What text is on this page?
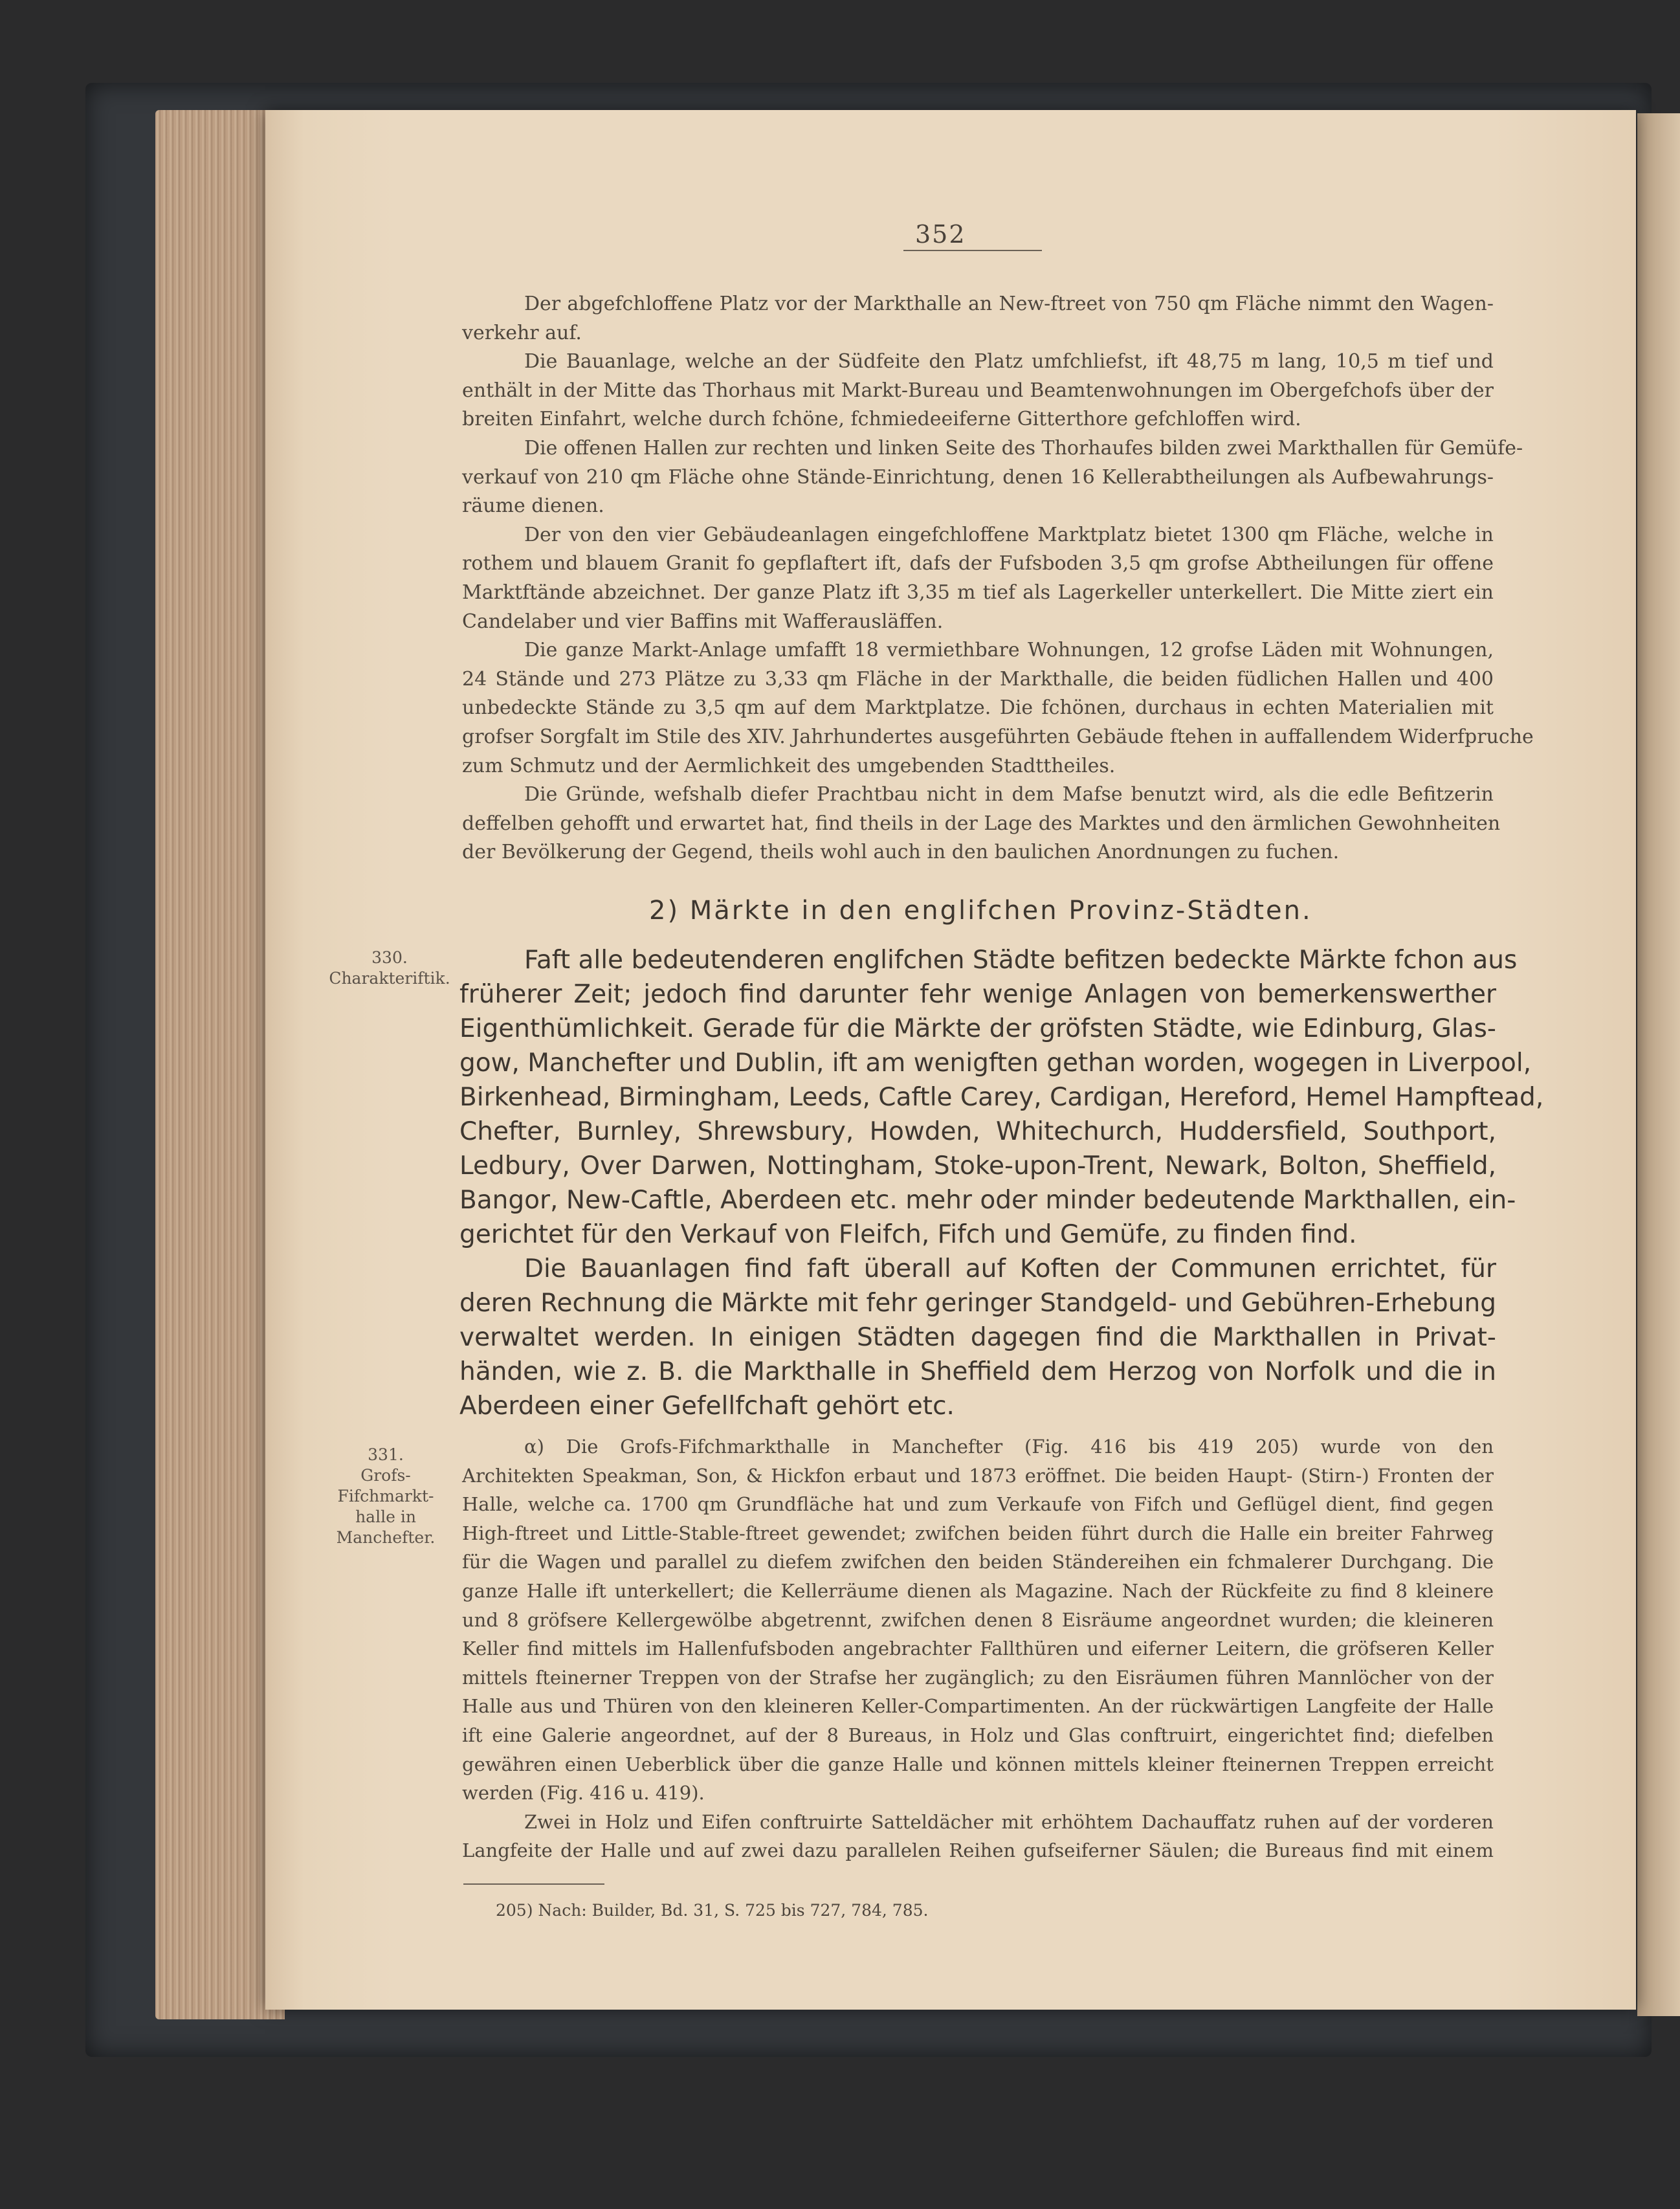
352
Der abgefchloffene Platz vor der Markthalle an New-ftreet von 750 qm Fläche nimmt den Wagen-
verkehr auf.
Die Bauanlage, welche an der Südfeite den Platz umfchliefst, ift 48,75 m lang, 10,5 m tief und
enthält in der Mitte das Thorhaus mit Markt-Bureau und Beamtenwohnungen im Obergefchofs über der
breiten Einfahrt, welche durch fchöne, fchmiedeeiferne Gitterthore gefchloffen wird.
Die offenen Hallen zur rechten und linken Seite des Thorhaufes bilden zwei Markthallen für Gemüfe-
verkauf von 210 qm Fläche ohne Stände-Einrichtung, denen 16 Kellerabtheilungen als Aufbewahrungs-
räume dienen.
Der von den vier Gebäudeanlagen eingefchloffene Marktplatz bietet 1300 qm Fläche, welche in
rothem und blauem Granit fo gepflaftert ift, dafs der Fufsboden 3,5 qm grofse Abtheilungen für offene
Marktftände abzeichnet. Der ganze Platz ift 3,35 m tief als Lagerkeller unterkellert. Die Mitte ziert ein
Candelaber und vier Baffins mit Wafferausläffen.
Die ganze Markt-Anlage umfafft 18 vermiethbare Wohnungen, 12 grofse Läden mit Wohnungen,
24 Stände und 273 Plätze zu 3,33 qm Fläche in der Markthalle, die beiden füdlichen Hallen und 400
unbedeckte Stände zu 3,5 qm auf dem Marktplatze. Die fchönen, durchaus in echten Materialien mit
grofser Sorgfalt im Stile des XIV. Jahrhundertes ausgeführten Gebäude ftehen in auffallendem Widerfpruche
zum Schmutz und der Aermlichkeit des umgebenden Stadttheiles.
Die Gründe, wefshalb diefer Prachtbau nicht in dem Mafse benutzt wird, als die edle Befitzerin
deffelben gehofft und erwartet hat, find theils in der Lage des Marktes und den ärmlichen Gewohnheiten
der Bevölkerung der Gegend, theils wohl auch in den baulichen Anordnungen zu fuchen.
2) Märkte in den englifchen Provinz-Städten.
330.
Charakteriftik.
331.
Grofs-
Fifchmarkt-
halle in
Manchefter.
Faft alle bedeutenderen englifchen Städte befitzen bedeckte Märkte fchon aus
früherer Zeit; jedoch find darunter fehr wenige Anlagen von bemerkenswerther
Eigenthümlichkeit. Gerade für die Märkte der gröfsten Städte, wie Edinburg, Glas-
gow, Manchefter und Dublin, ift am wenigften gethan worden, wogegen in Liverpool,
Birkenhead, Birmingham, Leeds, Caftle Carey, Cardigan, Hereford, Hemel Hampftead,
Chefter, Burnley, Shrewsbury, Howden, Whitechurch, Huddersfield, Southport,
Ledbury, Over Darwen, Nottingham, Stoke-upon-Trent, Newark, Bolton, Sheffield,
Bangor, New-Caftle, Aberdeen etc. mehr oder minder bedeutende Markthallen, ein-
gerichtet für den Verkauf von Fleifch, Fifch und Gemüfe, zu finden find.
Die Bauanlagen find faft überall auf Koften der Communen errichtet, für
deren Rechnung die Märkte mit fehr geringer Standgeld- und Gebühren-Erhebung
verwaltet werden. In einigen Städten dagegen find die Markthallen in Privat-
händen, wie z. B. die Markthalle in Sheffield dem Herzog von Norfolk und die in
Aberdeen einer Gefellfchaft gehört etc.
α) Die Grofs-Fifchmarkthalle in Manchefter (Fig. 416 bis 419 205) wurde von den
Architekten Speakman, Son, & Hickfon erbaut und 1873 eröffnet. Die beiden Haupt- (Stirn-) Fronten der
Halle, welche ca. 1700 qm Grundfläche hat und zum Verkaufe von Fifch und Geflügel dient, find gegen
High-ftreet und Little-Stable-ftreet gewendet; zwifchen beiden führt durch die Halle ein breiter Fahrweg
für die Wagen und parallel zu diefem zwifchen den beiden Ständereihen ein fchmalerer Durchgang. Die
ganze Halle ift unterkellert; die Kellerräume dienen als Magazine. Nach der Rückfeite zu find 8 kleinere
und 8 gröfsere Kellergewölbe abgetrennt, zwifchen denen 8 Eisräume angeordnet wurden; die kleineren
Keller find mittels im Hallenfufsboden angebrachter Fallthüren und eiferner Leitern, die gröfseren Keller
mittels fteinerner Treppen von der Strafse her zugänglich; zu den Eisräumen führen Mannlöcher von der
Halle aus und Thüren von den kleineren Keller-Compartimenten. An der rückwärtigen Langfeite der Halle
ift eine Galerie angeordnet, auf der 8 Bureaus, in Holz und Glas conftruirt, eingerichtet find; diefelben
gewähren einen Ueberblick über die ganze Halle und können mittels kleiner fteinernen Treppen erreicht
werden (Fig. 416 u. 419).
Zwei in Holz und Eifen conftruirte Satteldächer mit erhöhtem Dachauffatz ruhen auf der vorderen
Langfeite der Halle und auf zwei dazu parallelen Reihen gufseiferner Säulen; die Bureaus find mit einem
205) Nach: Builder, Bd. 31, S. 725 bis 727, 784, 785.
